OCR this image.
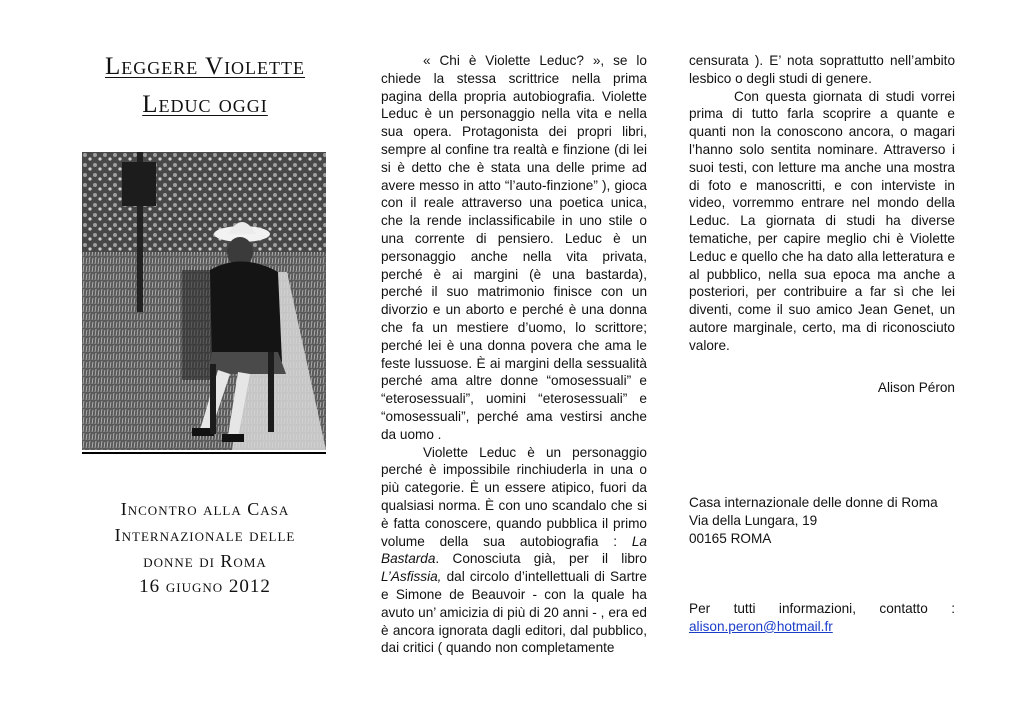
Leggere Violette
Leduc oggi
Incontro alla Casa
Internazionale delle
donne di Roma
16 giugno 2012

« Chi è Violette Leduc? », se lo chiede la stessa scrittrice nella prima pagina della propria autobiografia. Violette Leduc è un personaggio nella vita e nella sua opera. Protagonista dei propri libri, sempre al confine tra realtà e finzione (di lei si è detto che è stata una delle prime ad avere messo in atto “l’auto-finzione” ), gioca con il reale attraverso una poetica unica, che la rende inclassificabile in uno stile o una corrente di pensiero. Leduc è un personaggio anche nella vita privata, perché è ai margini (è una bastarda), perché il suo matrimonio finisce con un divorzio e un aborto e perché è una donna che fa un mestiere d’uomo, lo scrittore; perché lei è una donna povera che ama le feste lussuose. È ai margini della sessualità perché ama altre donne “omosessuali” e “eterosessuali”, uomini “eterosessuali” e “omosessuali”, perché ama vestirsi anche da uomo .

Violette Leduc è un personaggio perché è impossibile rinchiuderla in una o più categorie. È un essere atipico, fuori da qualsiasi norma. È con uno scandalo che si è fatta conoscere, quando pubblica il primo volume della sua autobiografia : La Bastarda. Conosciuta già, per il libro L’Asfissia, dal circolo d’intellettuali di Sartre e Simone de Beauvoir - con la quale ha avuto un’ amicizia di più di 20 anni - , era ed è ancora ignorata dagli editori, dal pubblico, dai critici ( quando non completamente

censurata ). E’ nota soprattutto nell’ambito lesbico o degli studi di genere.

Con questa giornata di studi vorrei prima di tutto farla scoprire a quante e quanti non la conoscono ancora, o magari l’hanno solo sentita nominare. Attraverso i suoi testi, con letture ma anche una mostra di foto e manoscritti, e con interviste in video, vorremmo entrare nel mondo della Leduc. La giornata di studi ha diverse tematiche, per capire meglio chi è Violette Leduc e quello che ha dato alla letteratura e al pubblico, nella sua epoca ma anche a posteriori, per contribuire a far sì che lei diventi, come il suo amico Jean Genet, un autore marginale, certo, ma di riconosciuto valore.

Alison Péron
Casa internazionale delle donne di Roma
Via della Lungara, 19
00165 ROMA
Per tutti informazioni, contatto :
alison.peron@hotmail.fr
